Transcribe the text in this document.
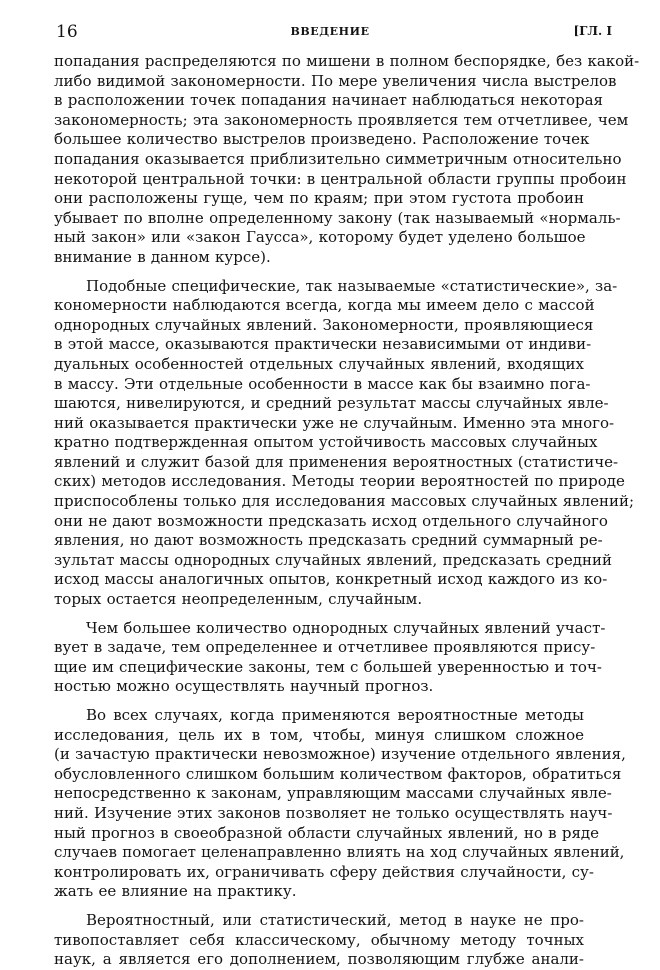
16	ВВЕДЕНИЕ	[ГЛ. I
попадания распределяются по мишени в полном беспорядке, без какой-
либо видимой закономерности. По мере увеличения числа выстрелов
в расположении точек попадания начинает наблюдаться некоторая
закономерность; эта закономерность проявляется тем отчетливее, чем
большее количество выстрелов произведено. Расположение точек
попадания оказывается приблизительно симметричным относительно
некоторой центральной точки: в центральной области группы пробоин
они расположены гуще, чем по краям; при этом густота пробоин
убывает по вполне определенному закону (так называемый «нормаль-
ный закон» или «закон Гаусса», которому будет уделено большое
внимание в данном курсе).
Подобные специфические, так называемые «статистические», за-
кономерности наблюдаются всегда, когда мы имеем дело с массой
однородных случайных явлений. Закономерности, проявляющиеся
в этой массе, оказываются практически независимыми от индиви-
дуальных особенностей отдельных случайных явлений, входящих
в массу. Эти отдельные особенности в массе как бы взаимно пога-
шаются, нивелируются, и средний результат массы случайных явле-
ний оказывается практически уже не случайным. Именно эта много-
кратно подтвержденная опытом устойчивость массовых случайных
явлений и служит базой для применения вероятностных (статистиче-
ских) методов исследования. Методы теории вероятностей по природе
приспособлены только для исследования массовых случайных явлений;
они не дают возможности предсказать исход отдельного случайного
явления, но дают возможность предсказать средний суммарный ре-
зультат массы однородных случайных явлений, предсказать средний
исход массы аналогичных опытов, конкретный исход каждого из ко-
торых остается неопределенным, случайным.
Чем большее количество однородных случайных явлений участ-
вует в задаче, тем определеннее и отчетливее проявляются прису-
щие им специфические законы, тем с большей уверенностью и точ-
ностью можно осуществлять научный прогноз.
Во всех случаях, когда применяются вероятностные методы
исследования, цель их в том, чтобы, минуя слишком сложное
(и зачастую практически невозможное) изучение отдельного явления,
обусловленного слишком большим количеством факторов, обратиться
непосредственно к законам, управляющим массами случайных явле-
ний. Изучение этих законов позволяет не только осуществлять науч-
ный прогноз в своеобразной области случайных явлений, но в ряде
случаев помогает целенаправленно влиять на ход случайных явлений,
контролировать их, ограничивать сферу действия случайности, су-
жать ее влияние на практику.
Вероятностный, или статистический, метод в науке не про-
тивопоставляет себя классическому, обычному методу точных
наук, а является его дополнением, позволяющим глубже анали-
